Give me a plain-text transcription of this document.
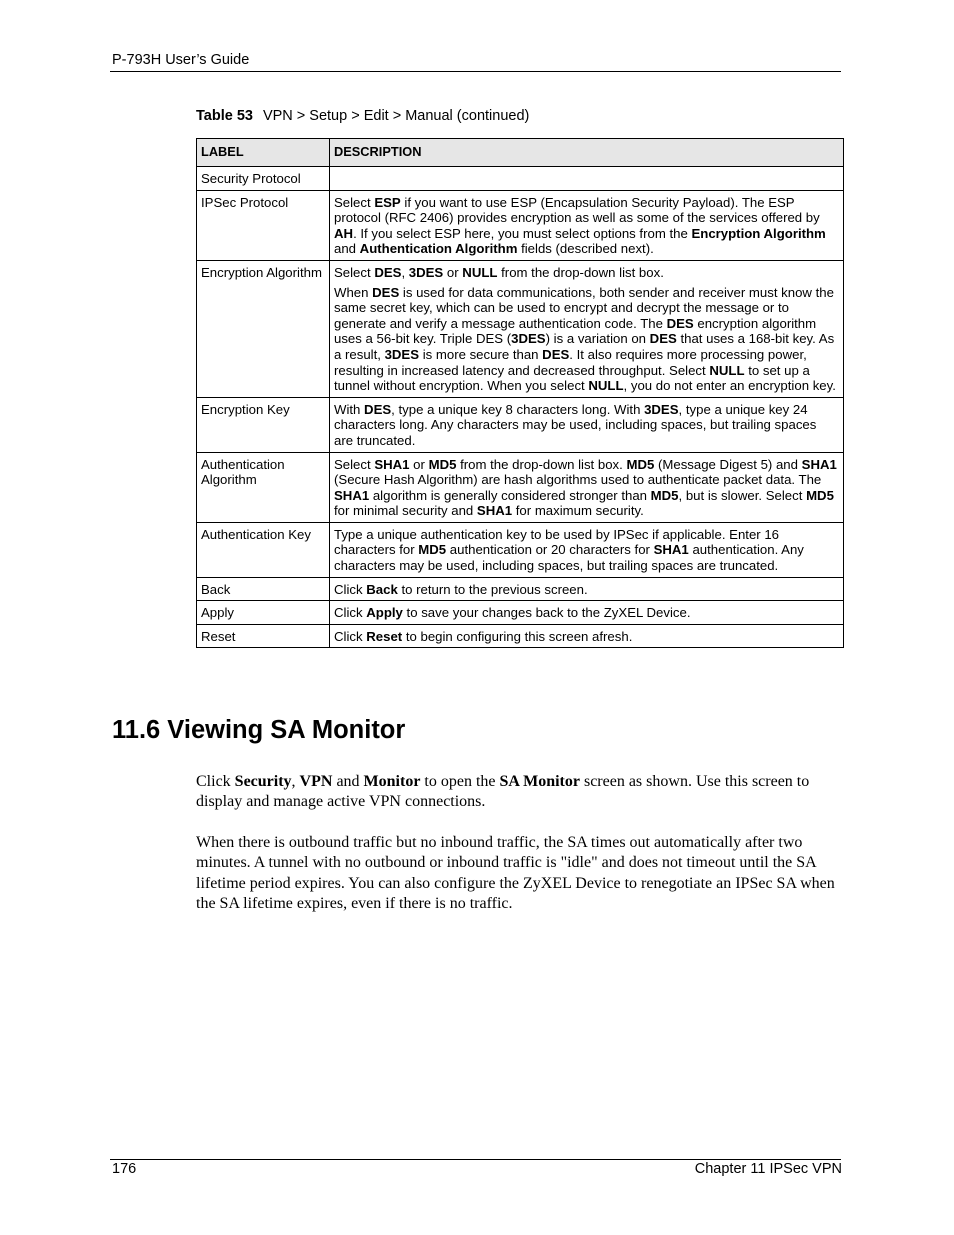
P-793H User’s Guide
Table 53 VPN > Setup > Edit > Manual (continued)
LABEL	DESCRIPTION
Security Protocol	
IPSec Protocol	Select ESP if you want to use ESP (Encapsulation Security Payload). The ESP protocol (RFC 2406) provides encryption as well as some of the services offered by AH. If you select ESP here, you must select options from the Encryption Algorithm and Authentication Algorithm fields (described next).

Encryption Algorithm	Select DES, 3DES or NULL from the drop-down list box.

When DES is used for data communications, both sender and receiver must know the same secret key, which can be used to encrypt and decrypt the message or to generate and verify a message authentication code. The DES encryption algorithm uses a 56-bit key. Triple DES (3DES) is a variation on DES that uses a 168-bit key. As a result, 3DES is more secure than DES. It also requires more processing power, resulting in increased latency and decreased throughput. Select NULL to set up a tunnel without encryption. When you select NULL, you do not enter an encryption key.

Encryption Key	With DES, type a unique key 8 characters long. With 3DES, type a unique key 24 characters long. Any characters may be used, including spaces, but trailing spaces are truncated.

Authentication Algorithm	Select SHA1 or MD5 from the drop-down list box. MD5 (Message Digest 5) and SHA1 (Secure Hash Algorithm) are hash algorithms used to authenticate packet data. The SHA1 algorithm is generally considered stronger than MD5, but is slower. Select MD5 for minimal security and SHA1 for maximum security.

Authentication Key	Type a unique authentication key to be used by IPSec if applicable. Enter 16 characters for MD5 authentication or 20 characters for SHA1 authentication. Any characters may be used, including spaces, but trailing spaces are truncated.

Back	Click Back to return to the previous screen.

Apply	Click Apply to save your changes back to the ZyXEL Device.

Reset	Click Reset to begin configuring this screen afresh.

11.6 Viewing SA Monitor
Click Security, VPN and Monitor to open the SA Monitor screen as shown. Use this screen to display and manage active VPN connections.
When there is outbound traffic but no inbound traffic, the SA times out automatically after two minutes. A tunnel with no outbound or inbound traffic is "idle" and does not timeout until the SA lifetime period expires. You can also configure the ZyXEL Device to renegotiate an IPSec SA when the SA lifetime expires, even if there is no traffic.
176	Chapter 11 IPSec VPN
